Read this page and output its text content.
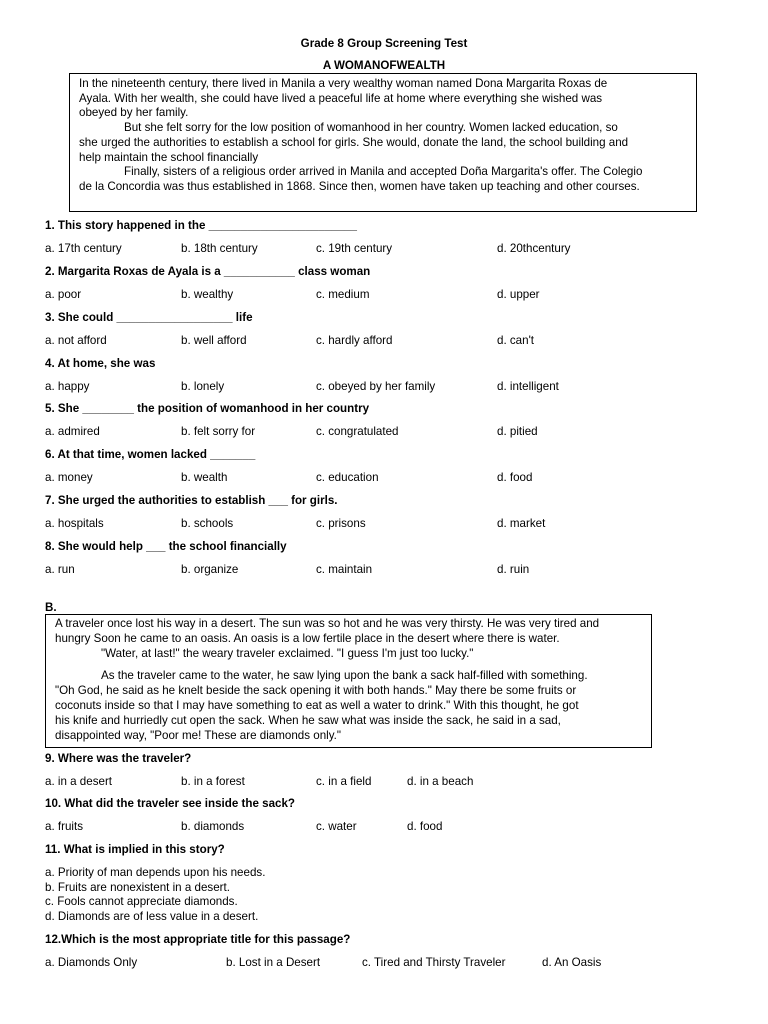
Grade 8 Group Screening Test
A WOMANOFWEALTH
In the nineteenth century, there lived in Manila a very wealthy woman named Dona Margarita Roxas de
Ayala. With her wealth, she could have lived a peaceful life at home where everything she wished was
obeyed by her family.
But she felt sorry for the low position of womanhood in her country. Women lacked education, so
she urged the authorities to establish a school for girls. She would, donate the land, the school building and
help maintain the school financially
Finally, sisters of a religious order arrived in Manila and accepted Doña Margarita's offer. The Colegio
de la Concordia was thus established in 1868. Since then, women have taken up teaching and other courses.
1. This story happened in the _______________________
a. 17th century	b. 18th century	c. 19th century	d. 20thcentury
2. Margarita Roxas de Ayala is a ___________ class woman
a. poor	b. wealthy	c. medium	d. upper
3. She could __________________ life
a. not afford	b. well afford	c. hardly afford	d. can't
4. At home, she was
a. happy	b. lonely	c. obeyed by her family	d. intelligent
5. She ________ the position of womanhood in her country
a. admired	b. felt sorry for	c. congratulated	d. pitied
6. At that time, women lacked _______
a. money	b. wealth	c. education	d. food
7. She urged the authorities to establish ___ for girls.
a. hospitals	b. schools	c. prisons	d. market
8. She would help ___ the school financially
a. run	b. organize	c. maintain	d. ruin
B.
A traveler once lost his way in a desert. The sun was so hot and he was very thirsty. He was very tired and
hungry Soon he came to an oasis. An oasis is a low fertile place in the desert where there is water.
"Water, at last!" the weary traveler exclaimed. "I guess I'm just too lucky."
As the traveler came to the water, he saw lying upon the bank a sack half-filled with something.
"Oh God, he said as he knelt beside the sack opening it with both hands." May there be some fruits or
coconuts inside so that I may have something to eat as well a water to drink." With this thought, he got
his knife and hurriedly cut open the sack. When he saw what was inside the sack, he said in a sad,
disappointed way, "Poor me! These are diamonds only."
9. Where was the traveler?
a. in a desert	b. in a forest	c. in a field	d. in a beach
10. What did the traveler see inside the sack?
a. fruits	b. diamonds	c. water	d. food
11. What is implied in this story?
a. Priority of man depends upon his needs.
b. Fruits are nonexistent in a desert.
c. Fools cannot appreciate diamonds.
d. Diamonds are of less value in a desert.
12.Which is the most appropriate title for this passage?
a. Diamonds Only	b. Lost in a Desert	c. Tired and Thirsty Traveler	d. An Oasis
